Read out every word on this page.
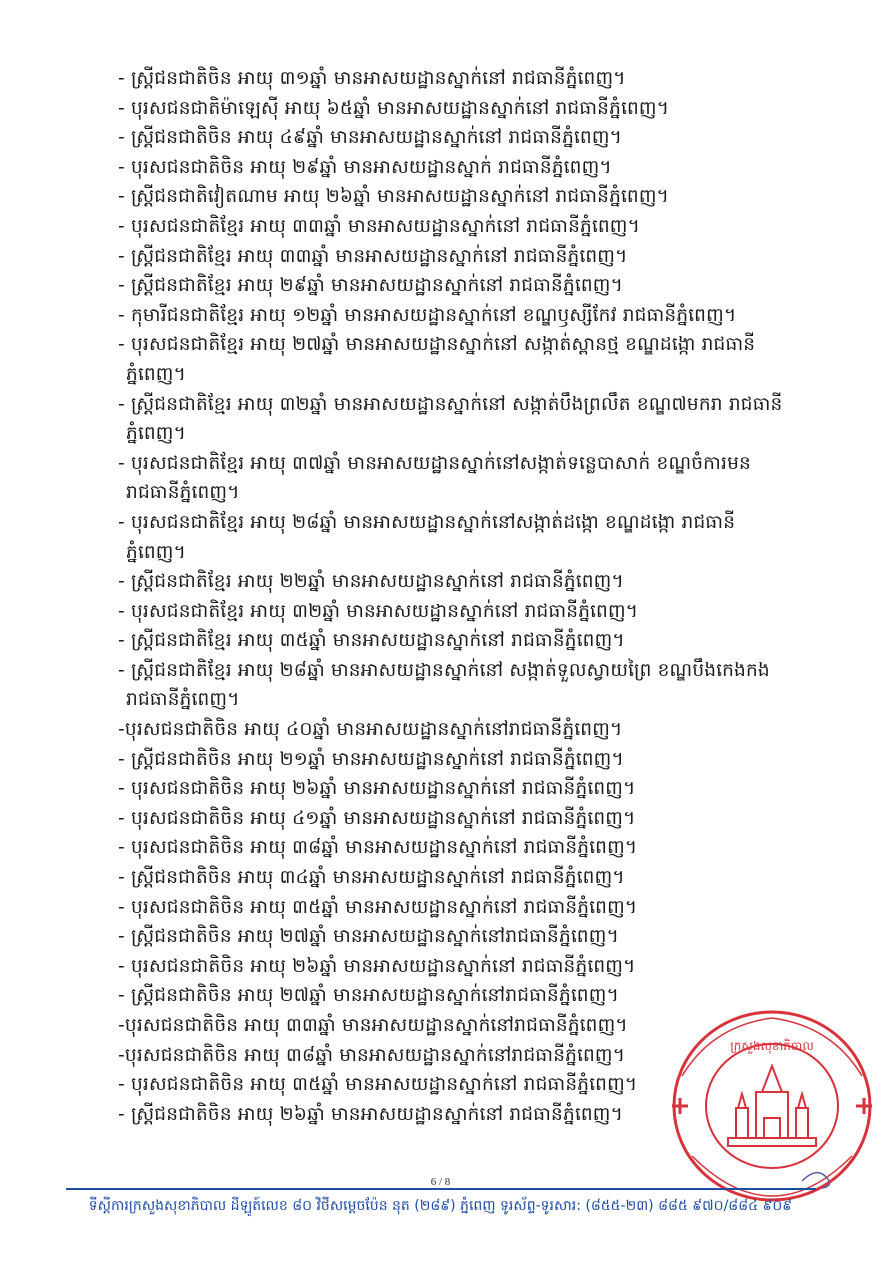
- ស្ត្រីជនជាតិចិន អាយុ ៣១ឆ្នាំ មានអាសយដ្ឋានស្នាក់នៅ រាជធានីភ្នំពេញ។
- បុរសជនជាតិម៉ាឡេស៊ី អាយុ ៦៥ឆ្នាំ មានអាសយដ្ឋានស្នាក់នៅ រាជធានីភ្នំពេញ។
- ស្ត្រីជនជាតិចិន អាយុ ៤៩ឆ្នាំ មានអាសយដ្ឋានស្នាក់នៅ រាជធានីភ្នំពេញ។
- បុរសជនជាតិចិន អាយុ ២៩ឆ្នាំ មានអាសយដ្ឋានស្នាក់ រាជធានីភ្នំពេញ។
- ស្ត្រីជនជាតិវៀតណាម អាយុ ២៦ឆ្នាំ មានអាសយដ្ឋានស្នាក់នៅ រាជធានីភ្នំពេញ។
- បុរសជនជាតិខ្មែរ អាយុ ៣៣ឆ្នាំ មានអាសយដ្ឋានស្នាក់នៅ រាជធានីភ្នំពេញ។
- ស្ត្រីជនជាតិខ្មែរ អាយុ ៣៣ឆ្នាំ មានអាសយដ្ឋានស្នាក់នៅ រាជធានីភ្នំពេញ។
- ស្ត្រីជនជាតិខ្មែរ អាយុ ២៩ឆ្នាំ មានអាសយដ្ឋានស្នាក់នៅ រាជធានីភ្នំពេញ។
- កុមារីជនជាតិខ្មែរ អាយុ ១២ឆ្នាំ មានអាសយដ្ឋានស្នាក់នៅ ខណ្ឌឫស្សីកែវ រាជធានីភ្នំពេញ។
- បុរសជនជាតិខ្មែរ អាយុ ២៧ឆ្នាំ មានអាសយដ្ឋានស្នាក់នៅ សង្កាត់ស្ពានថ្ម ខណ្ឌដង្កោ រាជធានី
ភ្នំពេញ។
- ស្ត្រីជនជាតិខ្មែរ អាយុ ៣២ឆ្នាំ មានអាសយដ្ឋានស្នាក់នៅ សង្កាត់បឹងព្រលឹត ខណ្ឌ៧មករា រាជធានី
ភ្នំពេញ។
- បុរសជនជាតិខ្មែរ អាយុ ៣៧ឆ្នាំ មានអាសយដ្ឋានស្នាក់នៅសង្កាត់ទន្លេបាសាក់ ខណ្ឌចំការមន
រាជធានីភ្នំពេញ។
- បុរសជនជាតិខ្មែរ អាយុ ២៨ឆ្នាំ មានអាសយដ្ឋានស្នាក់នៅសង្កាត់ដង្កោ ខណ្ឌដង្កោ រាជធានី
ភ្នំពេញ។
- ស្ត្រីជនជាតិខ្មែរ អាយុ ២២ឆ្នាំ មានអាសយដ្ឋានស្នាក់នៅ រាជធានីភ្នំពេញ។
- បុរសជនជាតិខ្មែរ អាយុ ៣២ឆ្នាំ មានអាសយដ្ឋានស្នាក់នៅ រាជធានីភ្នំពេញ។
- ស្ត្រីជនជាតិខ្មែរ អាយុ ៣៥ឆ្នាំ មានអាសយដ្ឋានស្នាក់នៅ រាជធានីភ្នំពេញ។
- ស្ត្រីជនជាតិខ្មែរ អាយុ ២៨ឆ្នាំ មានអាសយដ្ឋានស្នាក់នៅ សង្កាត់ទួលស្វាយព្រៃ ខណ្ឌបឹងកេងកង
រាជធានីភ្នំពេញ។
-បុរសជនជាតិចិន អាយុ ៤០ឆ្នាំ មានអាសយដ្ឋានស្នាក់នៅរាជធានីភ្នំពេញ។
- ស្ត្រីជនជាតិចិន អាយុ ២១ឆ្នាំ មានអាសយដ្ឋានស្នាក់នៅ រាជធានីភ្នំពេញ។
- បុរសជនជាតិចិន អាយុ ២៦ឆ្នាំ មានអាសយដ្ឋានស្នាក់នៅ រាជធានីភ្នំពេញ។
- បុរសជនជាតិចិន អាយុ ៤១ឆ្នាំ មានអាសយដ្ឋានស្នាក់នៅ រាជធានីភ្នំពេញ។
- បុរសជនជាតិចិន អាយុ ៣៨ឆ្នាំ មានអាសយដ្ឋានស្នាក់នៅ រាជធានីភ្នំពេញ។
- ស្ត្រីជនជាតិចិន អាយុ ៣៤ឆ្នាំ មានអាសយដ្ឋានស្នាក់នៅ រាជធានីភ្នំពេញ។
- បុរសជនជាតិចិន អាយុ ៣៥ឆ្នាំ មានអាសយដ្ឋានស្នាក់នៅ រាជធានីភ្នំពេញ។
- ស្ត្រីជនជាតិចិន អាយុ ២៧ឆ្នាំ មានអាសយដ្ឋានស្នាក់នៅរាជធានីភ្នំពេញ។
- បុរសជនជាតិចិន អាយុ ២៦ឆ្នាំ មានអាសយដ្ឋានស្នាក់នៅ រាជធានីភ្នំពេញ។
- ស្ត្រីជនជាតិចិន អាយុ ២៧ឆ្នាំ មានអាសយដ្ឋានស្នាក់នៅរាជធានីភ្នំពេញ។
-បុរសជនជាតិចិន អាយុ ៣៣ឆ្នាំ មានអាសយដ្ឋានស្នាក់នៅរាជធានីភ្នំពេញ។
-បុរសជនជាតិចិន អាយុ ៣៨ឆ្នាំ មានអាសយដ្ឋានស្នាក់នៅរាជធានីភ្នំពេញ។
- បុរសជនជាតិចិន អាយុ ៣៥ឆ្នាំ មានអាសយដ្ឋានស្នាក់នៅ រាជធានីភ្នំពេញ។
- ស្ត្រីជនជាតិចិន អាយុ ២៦ឆ្នាំ មានអាសយដ្ឋានស្នាក់នៅ រាជធានីភ្នំពេញ។
ក្រសួងសុខាភិបាល
6 / 8
ទីស្តីការក្រសួងសុខាភិបាល ដីឡូត៍លេខ ៨០ វិថីសម្តេចប៉ែន នុត (២៨៩) ភ្នំពេញ ទូរស័ព្ទ-ទូរសារ: (៨៥៥-២៣) ៨៨៥ ៩៧០/៨៨៤ ៩០៩
